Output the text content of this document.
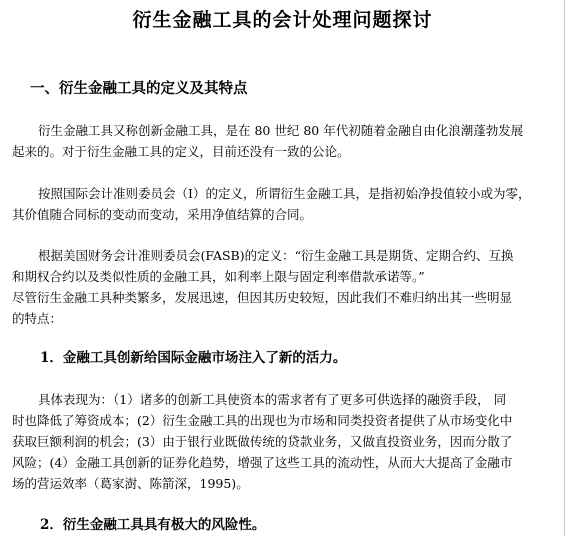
衍生金融工具的会计处理问题探讨
一、衍生金融工具的定义及其特点
衍生金融工具又称创新金融工具，是在 80 世纪 80 年代初随着金融自由化浪潮蓬勃发展
起来的。对于衍生金融工具的定义，目前还没有一致的公论。
按照国际会计准则委员会（I）的定义，所谓衍生金融工具，是指初始净投值较小或为零，
其价值随合同标的变动而变动，采用净值结算的合同。
根据美国财务会计准则委员会(FASB)的定义：“衍生金融工具是期货、定期合约、互换
和期权合约以及类似性质的金融工具，如利率上限与固定利率借款承诺等。”
尽管衍生金融工具种类繁多，发展迅速，但因其历史较短，因此我们不难归纳出其一些明显
的特点：
1．金融工具创新给国际金融市场注入了新的活力。
具体表现为：（1）诸多的创新工具使资本的需求者有了更多可供选择的融资手段， 同
时也降低了筹资成本；(2）衍生金融工具的出现也为市场和同类投资者提供了从市场变化中
获取巨额利润的机会；(3）由于银行业既做传统的贷款业务，又做直投资业务，因而分散了
风险；(4）金融工具创新的证券化趋势，增强了这些工具的流动性，从而大大提高了金融市
场的营运效率（葛家澍、陈箭深，1995)。
2．衍生金融工具具有极大的风险性。
